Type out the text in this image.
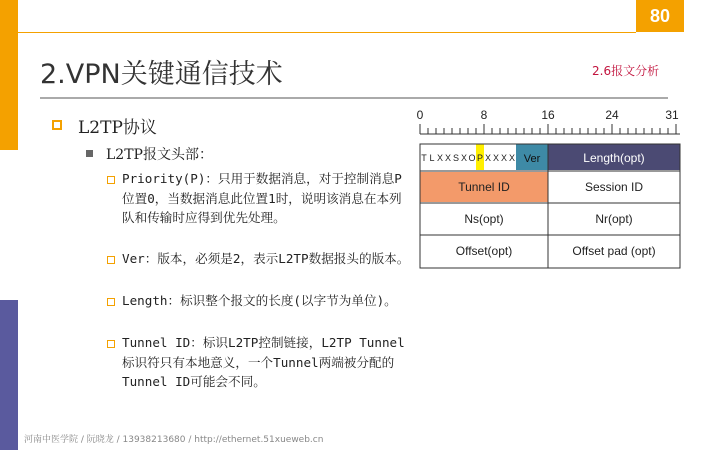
80
2.VPN关键通信技术	2.6报文分析
L2TP协议
L2TP报文头部：
Priority(P)：只用于数据消息，对于控制消息P位置0，当数据消息此位置1时，说明该消息在本列队和传输时应得到优先处理。
Ver：版本，必须是2，表示L2TP数据报头的版本。
Length：标识整个报文的长度(以字节为单位)。
Tunnel ID：标识L2TP控制链接，L2TP Tunnel标识符只有本地意义，一个Tunnel两端被分配的Tunnel ID可能会不同。
河南中医学院 / 阮晓龙 / 13938213680 / http://ethernet.51xueweb.cn
0	8	16	24	31
T L X X S X O P X X X X Ver	Length(opt)
Tunnel ID	Session ID
Ns(opt)	Nr(opt)
Offset(opt)	Offset pad (opt)
